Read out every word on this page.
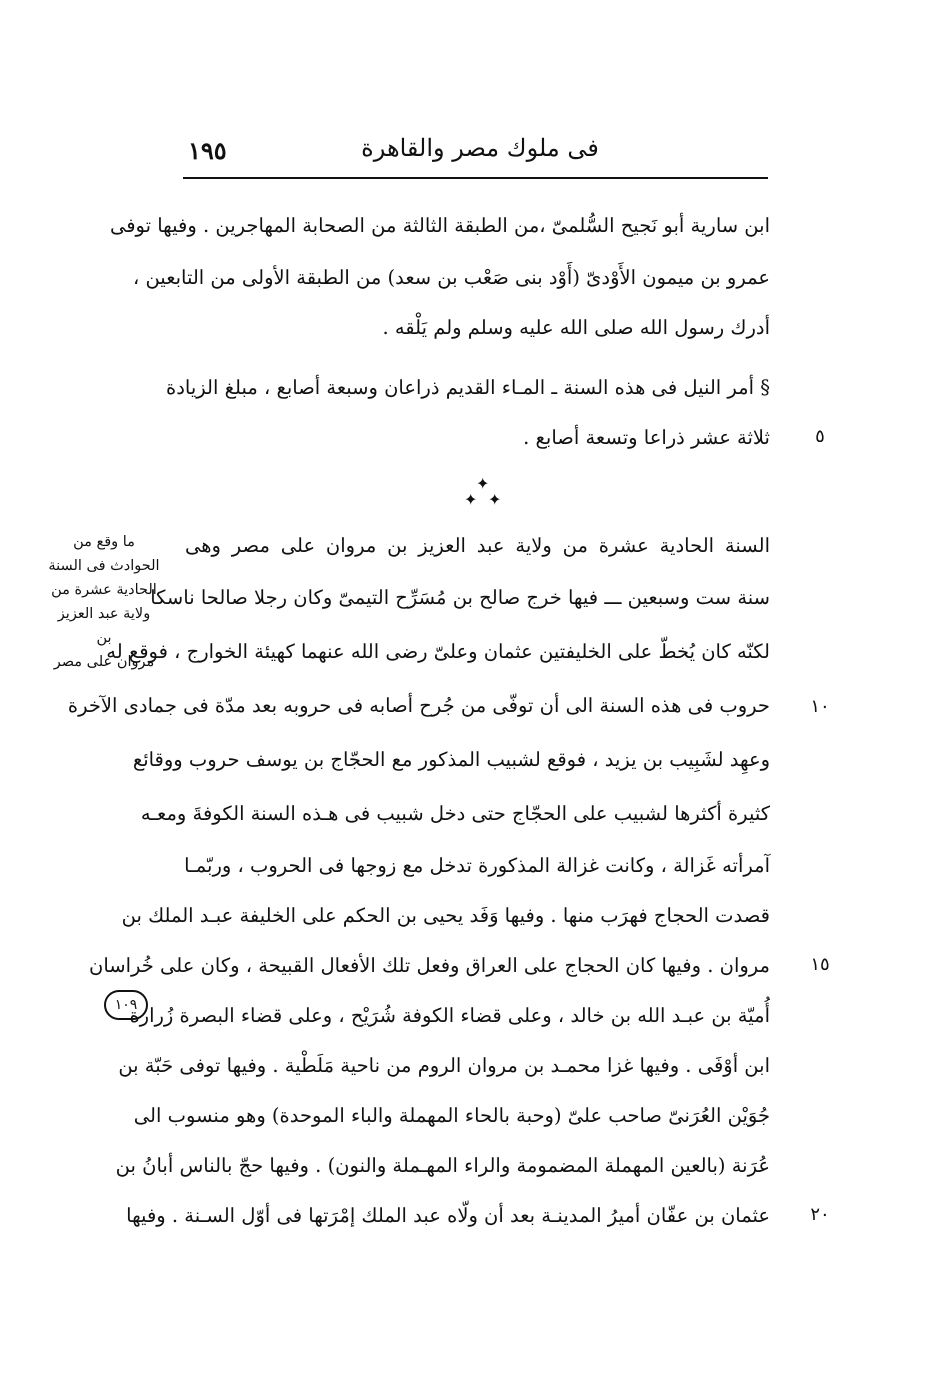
فى ملوك مصر والقاهرة
١٩٥
ابن سارية أبو نَجيح السُّلمىّ ،من الطبقة الثالثة من الصحابة المهاجرين . وفيها توفى
عمرو بن ميمون الأَوْدىّ (أَوْد بنى صَعْب بن سعد) من الطبقة الأولى من التابعين ،
أدرك رسول الله صلى الله عليه وسلم ولم يَلْقه .
§ أمر النيل فى هذه السنة ـ المـاء القديم ذراعان وسبعة أصابع ، مبلغ الزيادة
ثلاثة عشر ذراعا وتسعة أصابع .	٥
✦
✦ ✦
السنة الحادية عشرة من ولاية عبد العزيز بن مروان على مصر وهى
سنة ست وسبعين ـــ فيها خرج صالح بن مُسَرِّح التيمىّ وكان رجلا صالحا ناسكا
لكنّه كان يُخطّ على الخليفتين عثمان وعلىّ رضى الله عنهما كهيئة الخوارج ، فوقع له
حروب فى هذه السنة الى أن توفّى من جُرح أصابه فى حروبه بعد مدّة فى جمادى الآخرة	١٠
وعهِد لشَبِيب بن يزيد ، فوقع لشبيب المذكور مع الحجّاج بن يوسف حروب ووقائع
كثيرة أكثرها لشبيب على الحجّاج حتى دخل شبيب فى هـذه السنة الكوفةَ ومعـه
آمرأته غَزالة ، وكانت غزالة المذكورة تدخل مع زوجها فى الحروب ، وربّمـا
قصدت الحجاج فهرَب منها . وفيها وَفَد يحيى بن الحكم على الخليفة عبـد الملك بن
مروان . وفيها كان الحجاج على العراق وفعل تلك الأفعال القبيحة ، وكان على خُراسان	١٥
أُميّة بن عبـد الله بن خالد ، وعلى قضاء الكوفة شُرَيْح ، وعلى قضاء البصرة زُرارة
ابن أوْفَى . وفيها غزا محمـد بن مروان الروم من ناحية مَلَطْية . وفيها توفى حَبّة بن
جُوَيْن العُرَنىّ صاحب علىّ (وحبة بالحاء المهملة والباء الموحدة) وهو منسوب الى
عُرَنة (بالعين المهملة المضمومة والراء المهـملة والنون) . وفيها حجّ بالناس أبانُ بن
عثمان بن عفّان أميرُ المدينـة بعد أن ولّاه عبد الملك إمْرَتها فى أوّل السـنة . وفيها	٢٠
ما وقع من
الحوادث فى السنة
الحادية عشرة من
ولاية عبد العزيز بن
مروان على مصر
١٠٩
